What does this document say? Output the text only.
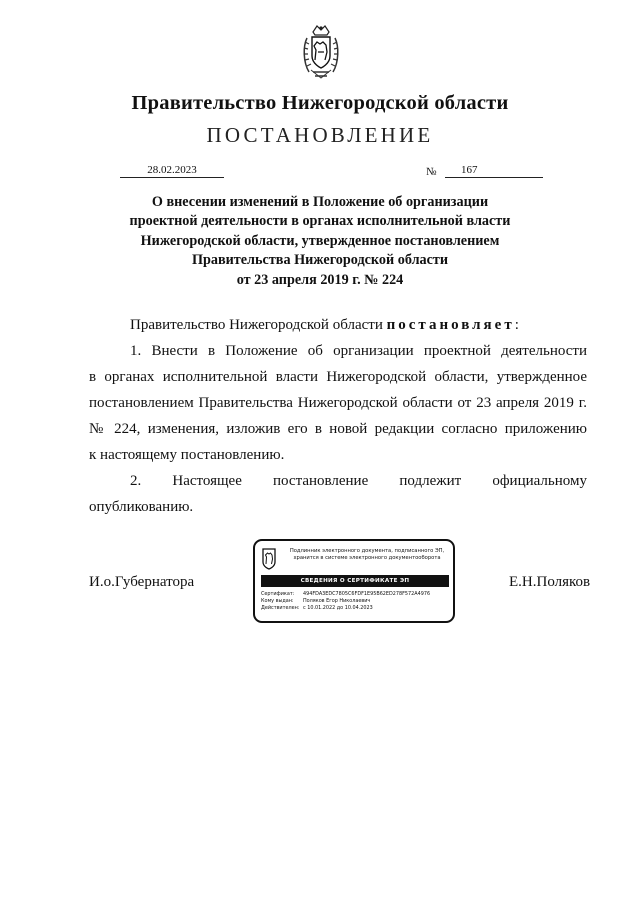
Правительство Нижегородской области
ПОСТАНОВЛЕНИЕ
28.02.2023	№	167
О внесении изменений в Положение об организации
проектной деятельности в органах исполнительной власти
Нижегородской области, утвержденное постановлением
Правительства Нижегородской области
от 23 апреля 2019 г. № 224
Правительство Нижегородской области постановляет:
1. Внести в Положение об организации проектной деятельности
в органах исполнительной власти Нижегородской области, утвержденное
постановлением Правительства Нижегородской области от 23 апреля 2019 г.
№ 224, изменения, изложив его в новой редакции согласно приложению
к настоящему постановлению.
2. Настоящее постановление подлежит официальному
опубликованию.
И.о.Губернатора	Е.Н.Поляков
Подлинник электронного документа, подписанного ЭП, хранится в системе электронного документооборота
СВЕДЕНИЯ О СЕРТИФИКАТЕ ЭП
Сертификат: 494FDA3EDC7805C6FDF1E95B62ED278F572A4976
Кому выдан: Поляков Егор Николаевич
Действителен: с 10.01.2022 до 10.04.2023
